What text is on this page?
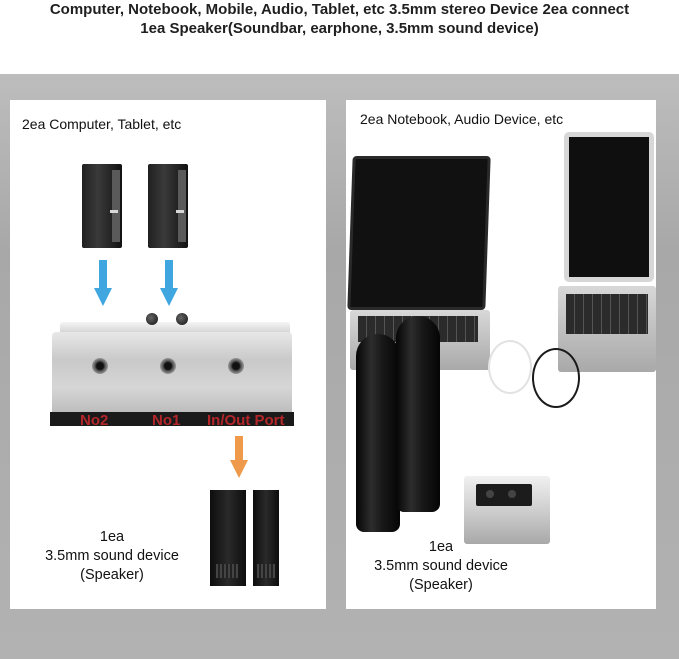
Computer, Notebook, Mobile, Audio, Tablet, etc 3.5mm stereo Device 2ea connect
1ea Speaker(Soundbar, earphone, 3.5mm sound device)
2ea Computer, Tablet, etc
No2	No1 In/Out Port
1ea
3.5mm sound device
(Speaker)
2ea Notebook, Audio Device, etc
1ea
3.5mm sound device
(Speaker)
